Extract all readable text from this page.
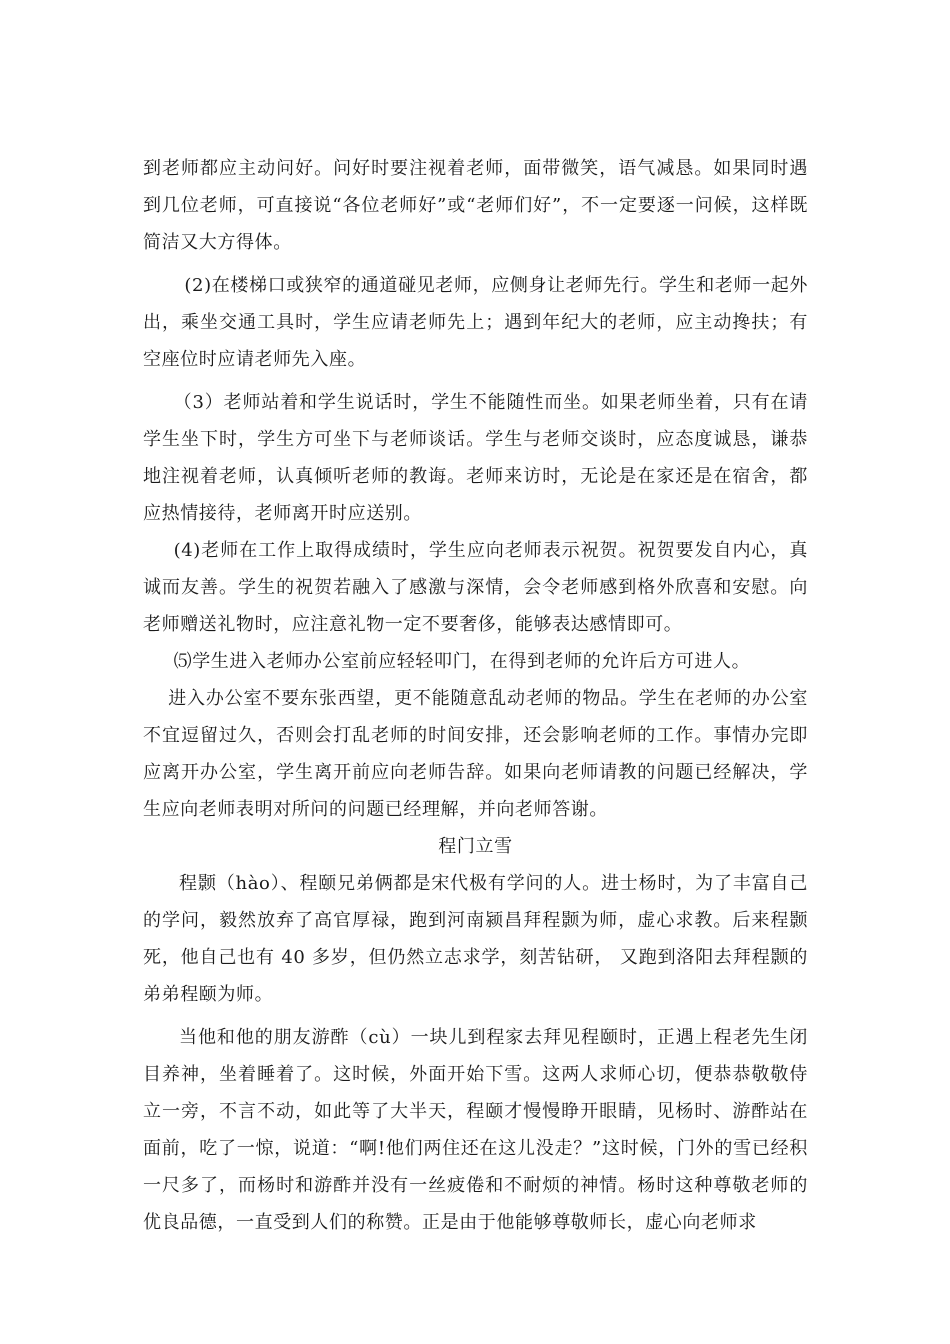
到老师都应主动问好。问好时要注视着老师，面带微笑，语气减恳。如果同时遇到几位老师，可直接说“各位老师好”或“老师们好”，不一定要逐一问候，这样既简洁又大方得体。

(2)在楼梯口或狭窄的通道碰见老师，应侧身让老师先行。学生和老师一起外出，乘坐交通工具时，学生应请老师先上；遇到年纪大的老师，应主动搀扶；有空座位时应请老师先入座。

（3）老师站着和学生说话时，学生不能随性而坐。如果老师坐着，只有在请学生坐下时，学生方可坐下与老师谈话。学生与老师交谈时，应态度诚恳，谦恭地注视着老师，认真倾听老师的教诲。老师来访时，无论是在家还是在宿舍，都应热情接待，老师离开时应送别。

(4)老师在工作上取得成绩时，学生应向老师表示祝贺。祝贺要发自内心，真诚而友善。学生的祝贺若融入了感激与深情，会令老师感到格外欣喜和安慰。向老师赠送礼物时，应注意礼物一定不要奢侈，能够表达感情即可。

⑸学生进入老师办公室前应轻轻叩门，在得到老师的允许后方可进人。

进入办公室不要东张西望，更不能随意乱动老师的物品。学生在老师的办公室不宜逗留过久，否则会打乱老师的时间安排，还会影响老师的工作。事情办完即应离开办公室，学生离开前应向老师告辞。如果向老师请教的问题已经解决，学生应向老师表明对所问的问题已经理解，并向老师答谢。

程门立雪

程颢（hào）、程颐兄弟俩都是宋代极有学问的人。进士杨时，为了丰富自己的学问，毅然放弃了高官厚禄，跑到河南颍昌拜程颢为师，虚心求教。后来程颢死，他自己也有 40 多岁，但仍然立志求学，刻苦钻研， 又跑到洛阳去拜程颢的弟弟程颐为师。

当他和他的朋友游酢（cù）一块儿到程家去拜见程颐时，正遇上程老先生闭目养神，坐着睡着了。这时候，外面开始下雪。这两人求师心切，便恭恭敬敬侍立一旁，不言不动，如此等了大半天，程颐才慢慢睁开眼睛，见杨时、游酢站在面前，吃了一惊，说道：“啊!他们两住还在这儿没走？”这时候，门外的雪已经积一尺多了，而杨时和游酢并没有一丝疲倦和不耐烦的神情。杨时这种尊敬老师的优良品德，一直受到人们的称赞。正是由于他能够尊敬师长，虚心向老师求
